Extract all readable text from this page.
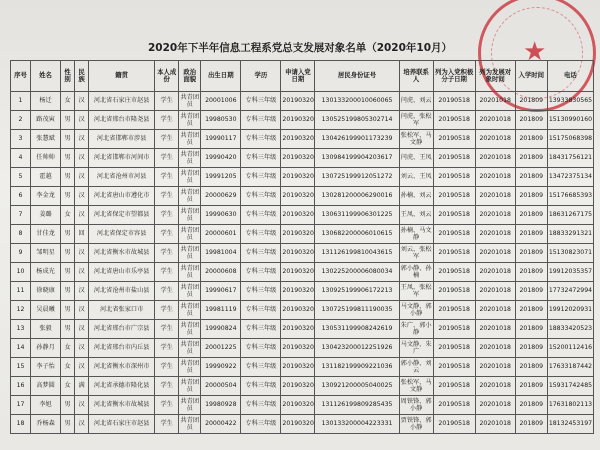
★
2020年下半年信息工程系党总支发展对象名单（2020年10月）
序号	姓名	性别	民族	籍贯	本人成份	政治面貌	出生日期	学历	申请入党日期	居民身份证号	培养联系人	列为入党积极分子日期	列为发展对象时间	入学时间	电话
1	杨迁	女	汉	河北省石家庄市赵县	学生	共青团员	20001006	专科三年级	20190320	130133200010060065	闫虎、刘云	20190518	20201018	201809	13933830565
2	路茂寅	男	汉	河北省邢台市隆尧县	学生	共青团员	19980530	专科三年级	20190320	130525199805302714	闫虎、张松军	20190518	20201018	201809	15130990160
3	张慧斌	男	汉	河北省邯郸市涉县	学生	共青团员	19990117	专科三年级	20190320	130426199901173239	张松军、马文静	20190518	20201018	201809	15175068398
4	任帅帅	男	汉	河北省邯郸市河间市	学生	共青团员	19990420	专科三年级	20190320	130984199904203617	闫虎、王凤	20190518	20201018	201809	18431756121
5	霍越	男	汉	河北省沧州市河县	学生	共青团员	19991205	专科三年级	20190320	130725199912051272	刘云、王凤	20190518	20201018	201809	13472375134
6	李金龙	男	汉	河北省唐山市遵化市	学生	共青团员	20000629	专科三年级	20190320	130281200006290016	孙楠、刘云	20190518	20201018	201809	15176685393
7	姜璐	女	汉	河北省保定市望都县	学生	共青团员	19990630	专科三年级	20190320	130631199906301225	王凤、刘云	20190518	20201018	201809	18631267175
8	甘佳龙	男	回	河北省保定市容县	学生	共青团员	20000601	专科三年级	20190320	130682200006010615	孙楠、马文静	20190518	20201018	201809	18833291321
9	邹明星	男	汉	河北省衡水市故城县	学生	共青团员	19981004	专科三年级	20190320	131126199810043615	刘云、张松军	20190518	20201018	201809	15130823071
10	杨成光	男	汉	河北省唐山市乐亭县	学生	共青团员	20000608	专科三年级	20190320	130225200006080034	郭小静、孙楠	20190518	20201018	201809	19912035357
11	徐晓康	男	汉	河北省沧州市盐山县	学生	共青团员	19990617	专科三年级	20190320	130925199906172213	王凤、张松军	20190518	20201018	201809	17732472994
12	吴晨曦	男	汉	河北省张家口市	学生	共青团员	19981119	专科三年级	20190320	130725199811190035	马文静、郭小静	20190518	20201018	201809	19912020931
13	张毅	男	汉	河北省邢台市广宗县	学生	共青团员	19990824	专科三年级	20190320	130531199908242619	朱广、郭小静	20190518	20201018	201809	18833420523
14	孙静月	女	汉	河北省邢台市内丘县	学生	共青团员	20001225	专科三年级	20190320	130423200012251926	马文静、朱广	20190518	20201018	201809	15200112416
15	李子怡	女	汉	河北省衡水市深州市	学生	共青团员	19990922	专科三年级	20190320	131182199909221036	郭小静、刘云	20190518	20201018	201809	17633187442
16	高梦圆	女	满	河北省承德市隆化县	学生	共青团员	20000504	专科三年级	20190320	130921200005040025	张松军、马文静	20190518	20201018	201809	15931742485
17	李旭	男	汉	河北省衡水市故城县	学生	共青团员	19980928	专科三年级	20190320	131126199809285435	周铁锋、郭小静	20190518	20201018	201809	17631802113
18	乔杨森	男	汉	河北省石家庄市赵县	学生	共青团员	20000422	专科三年级	20190320	130133200004223331	贾铁锋、郭小静	20190518	20201018	201809	18132453197
